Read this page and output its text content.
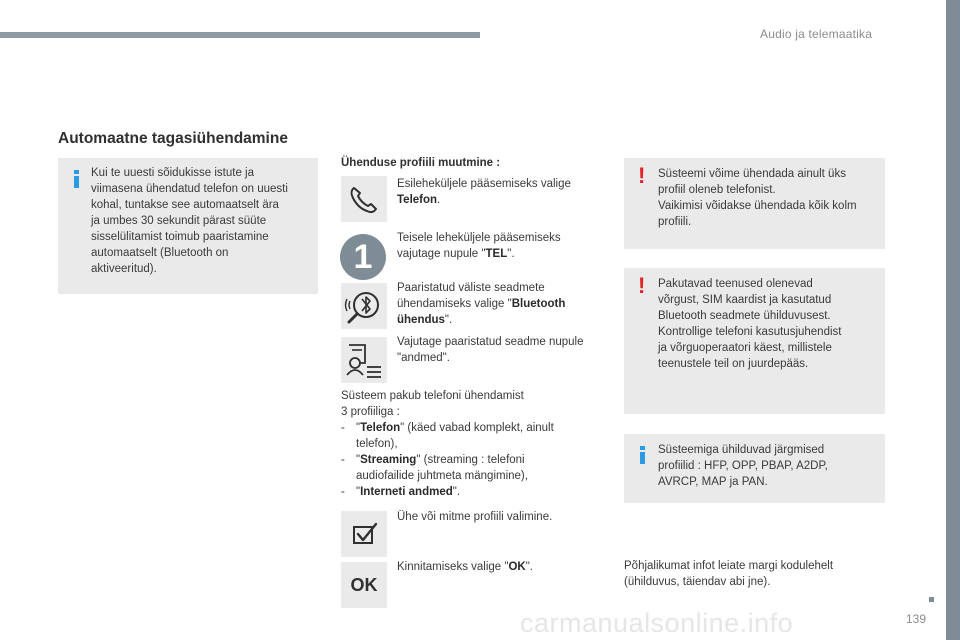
Audio ja telemaatika
Automaatne tagasiühendamine
Kui te uuesti sõidukisse istute ja
viimasena ühendatud telefon on uuesti
kohal, tuntakse see automaatselt ära
ja umbes 30 sekundit pärast süüte
sisselülitamist toimub paaristamine
automaatselt (Bluetooth on
aktiveeritud).
Ühenduse profiili muutmine :
Esileheküljele pääsemiseks valige
Telefon.
1	Teisele leheküljele pääsemiseks
vajutage nupule "TEL".
Paaristatud väliste seadmete
ühendamiseks valige "Bluetooth ühendus".
Vajutage paaristatud seadme nupule
"andmed".
Süsteem pakub telefoni ühendamist
3 profiiliga :
- "Telefon" (käed vabad komplekt, ainult
telefon),
- "Streaming" (streaming : telefoni
audiofailide juhtmeta mängimine),
- "Interneti andmed".
Ühe või mitme profiili valimine.
OK
Kinnitamiseks valige "OK".
! Süsteemi võime ühendada ainult üks
profiil oleneb telefonist.
Vaikimisi võidakse ühendada kõik kolm
profiili.
! Pakutavad teenused olenevad
võrgust, SIM kaardist ja kasutatud
Bluetooth seadmete ühilduvusest.
Kontrollige telefoni kasutusjuhendist
ja võrguoperaatori käest, millistele
teenustele teil on juurdepääs.
Süsteemiga ühilduvad järgmised
profiilid : HFP, OPP, PBAP, A2DP,
AVRCP, MAP ja PAN.
Põhjalikumat infot leiate margi kodulehelt
(ühilduvus, täiendav abi jne).
carmanualsonline.info	139
